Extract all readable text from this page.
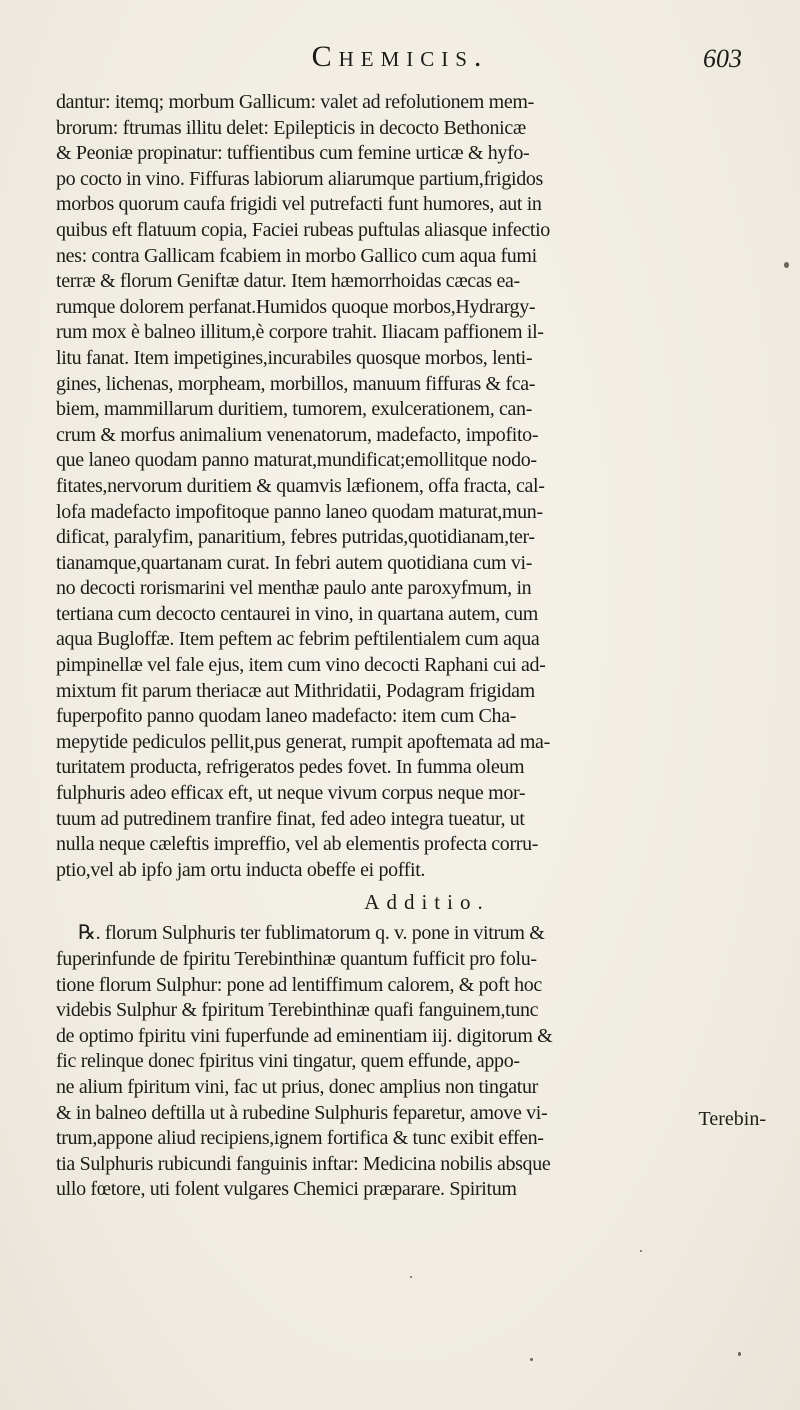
Chemicis.	603
dantur: itemq; morbum Gallicum: valet ad refolutionem mem-
brorum: ftrumas illitu delet: Epilepticis in decocto Bethonicæ
& Peoniæ propinatur: tuffientibus cum femine urticæ & hyfo-
po cocto in vino. Fiffuras labiorum aliarumque partium,frigidos
morbos quorum caufa frigidi vel putrefacti funt humores, aut in
quibus eft flatuum copia, Faciei rubeas puftulas aliasque infectio
nes: contra Gallicam fcabiem in morbo Gallico cum aqua fumi
terræ & florum Geniftæ datur. Item hæmorrhoidas cæcas ea-
rumque dolorem perfanat.Humidos quoque morbos,Hydrargy-
rum mox è balneo illitum,è corpore trahit. Iliacam paffionem il-
litu fanat. Item impetigines,incurabiles quosque morbos, lenti-
gines, lichenas, morpheam, morbillos, manuum fiffuras & fca-
biem, mammillarum duritiem, tumorem, exulcerationem, can-
crum & morfus animalium venenatorum, madefacto, impofito-
que laneo quodam panno maturat,mundificat;emollitque nodo-
fitates,nervorum duritiem & quamvis læfionem, offa fracta, cal-
lofa madefacto impofitoque panno laneo quodam maturat,mun-
dificat, paralyfim, panaritium, febres putridas,quotidianam,ter-
tianamque,quartanam curat. In febri autem quotidiana cum vi-
no decocti rorismarini vel menthæ paulo ante paroxyfmum, in
tertiana cum decocto centaurei in vino, in quartana autem, cum
aqua Bugloffæ. Item peftem ac febrim peftilentialem cum aqua
pimpinellæ vel fale ejus, item cum vino decocti Raphani cui ad-
mixtum fit parum theriacæ aut Mithridatii, Podagram frigidam
fuperpofito panno quodam laneo madefacto: item cum Cha-
mepytide pediculos pellit,pus generat, rumpit apoftemata ad ma-
turitatem producta, refrigeratos pedes fovet. In fumma oleum
fulphuris adeo efficax eft, ut neque vivum corpus neque mor-
tuum ad putredinem tranfire finat, fed adeo integra tueatur, ut
nulla neque cæleftis impreffio, vel ab elementis profecta corru-
ptio,vel ab ipfo jam ortu inducta obeffe ei poffit.
Additio.
℞. florum Sulphuris ter fublimatorum q. v. pone in vitrum &
fuperinfunde de fpiritu Terebinthinæ quantum fufficit pro folu-
tione florum Sulphur: pone ad lentiffimum calorem, & poft hoc
videbis Sulphur & fpiritum Terebinthinæ quafi fanguinem,tunc
de optimo fpiritu vini fuperfunde ad eminentiam iij. digitorum &
fic relinque donec fpiritus vini tingatur, quem effunde, appo-
ne alium fpiritum vini, fac ut prius, donec amplius non tingatur
& in balneo deftilla ut à rubedine Sulphuris feparetur, amove vi-
trum,appone aliud recipiens,ignem fortifica & tunc exibit effen-
tia Sulphuris rubicundi fanguinis inftar: Medicina nobilis absque
ullo fœtore, uti folent vulgares Chemici præparare. Spiritum
Terebin-
